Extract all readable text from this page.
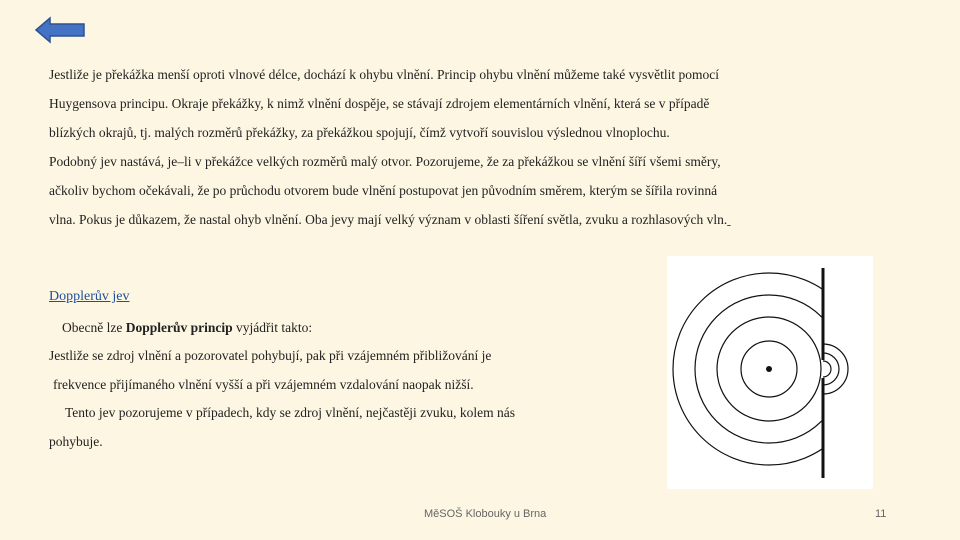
Jestliže je překážka menší oproti vlnové délce, dochází k ohybu vlnění. Princip ohybu vlnění můžeme také vysvětlit pomocí
Huygensova principu. Okraje překážky, k nimž vlnění dospěje, se stávají zdrojem elementárních vlnění, která se v případě
blízkých okrajů, tj. malých rozměrů překážky, za překážkou spojují, čímž vytvoří souvislou výslednou vlnoplochu.
Podobný jev nastává, je–li v překážce velkých rozměrů malý otvor. Pozorujeme, že za překážkou se vlnění šíří všemi směry,
ačkoliv bychom očekávali, že po průchodu otvorem bude vlnění postupovat jen původním směrem, kterým se šířila rovinná
vlna. Pokus je důkazem, že nastal ohyb vlnění. Oba jevy mají velký význam v oblasti šíření světla, zvuku a rozhlasových vln.
Dopplerův jev
Obecně lze Dopplerův princip vyjádřit takto:
Jestliže se zdroj vlnění a pozorovatel pohybují, pak při vzájemném přibližování je
frekvence přijímaného vlnění vyšší a při vzájemném vzdalování naopak nižší.
Tento jev pozorujeme v případech, kdy se zdroj vlnění, nejčastěji zvuku, kolem nás
pohybuje.
MěSOŠ Klobouky u Brna	11
